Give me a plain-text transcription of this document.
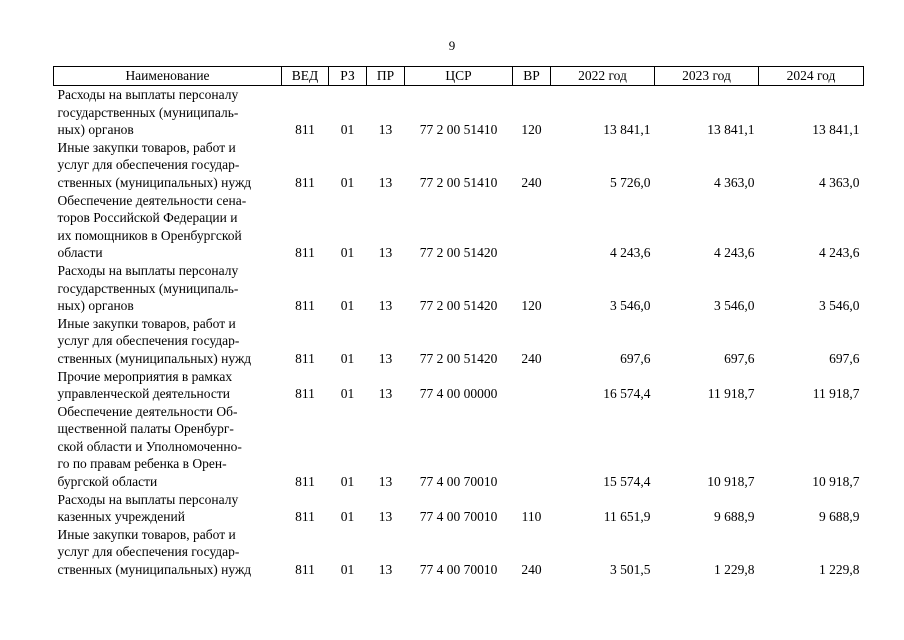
9
Наименование	ВЕД	РЗ	ПР	ЦСР	ВР	2022 год	2023 год	2024 год

Расходы на выплаты персоналу
государственных (муниципаль-
ных) органов	811	01	13	77 2 00 51410	120	13 841,1	13 841,1	13 841,1

Иные закупки товаров, работ и
услуг для обеспечения государ-
ственных (муниципальных) нужд	811	01	13	77 2 00 51410	240	5 726,0	4 363,0	4 363,0

Обеспечение деятельности сена-
торов Российской Федерации и
их помощников в Оренбургской
области	811	01	13	77 2 00 51420		4 243,6	4 243,6	4 243,6

Расходы на выплаты персоналу
государственных (муниципаль-
ных) органов	811	01	13	77 2 00 51420	120	3 546,0	3 546,0	3 546,0

Иные закупки товаров, работ и
услуг для обеспечения государ-
ственных (муниципальных) нужд	811	01	13	77 2 00 51420	240	697,6	697,6	697,6

Прочие мероприятия в рамках
управленческой деятельности	811	01	13	77 4 00 00000		16 574,4	11 918,7	11 918,7

Обеспечение деятельности Об-
щественной палаты Оренбург-
ской области и Уполномоченно-
го по правам ребенка в Орен-
бургской области	811	01	13	77 4 00 70010		15 574,4	10 918,7	10 918,7

Расходы на выплаты персоналу
казенных учреждений	811	01	13	77 4 00 70010	110	11 651,9	9 688,9	9 688,9

Иные закупки товаров, работ и
услуг для обеспечения государ-
ственных (муниципальных) нужд	811	01	13	77 4 00 70010	240	3 501,5	1 229,8	1 229,8
